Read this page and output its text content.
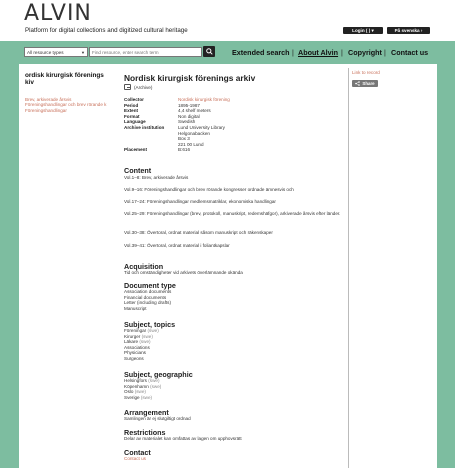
ALVIN
Platform for digital collections and digitized cultural heritage	Login ( ) ▾	På svenska ›
All resource types	▼
Find resource, enter search term	Extended search | About Alvin | Copyright | Contact us
ordisk kirurgisk förenings kiv
Brev, arkiverade årsvis
Föreningshandlingar och brev rörande k
Föreningshandlingar
Nordisk kirurgisk förenings arkiv
(Archive)
Collector	Nordisk kirurgisk förening
Period	1895-1987
Extent	4,4 shelf meters
Format	Non digital
Language	Swedish
Archive institution	Lund University Library
Helgonabacken
Box 3
221 00 Lund
Placement	B:616
Content
Vol.1–8: Brev, arkiverade årsvis
Vol.9–16: Föreningshandlingar och brev rörande kongresser ordnade ämnesvis och
Vol.17–24: Föreningshandlingar medlemsmatriklar, ekonomiska handlingar
Vol.25–29: Föreningshandlingar (brev, protokoll, manuskript, redemshäfgor), arkiverade årsvis efter länder.
Vol.30–38: Övertoral, ordnat material såsom manuskript och räkenskaper
Vol.39–41: Övertoral, ordnat material i foliantkapslar
Acquisition
Tid och omständigheter vid arkivets överlämnande okända
Document type
Association documents
Financial documents
Letter (including drafts)
Manuscript
Subject, topics
Föreningar (swe)
Kirurger (swe)
Läkare (swe)
Associations
Physicians
Surgeons
Subject, geographic
Helsingfors (swe)
Köpenhamn (swe)
Oslo (swe)
Sverige (swe)
Arrangement
Samlingen är ej slutgiltigt ordnad
Restrictions
Delar av materialet kan omfattas av lagen om upphovsrätt
Contact
Contact us
Link to record
Share
